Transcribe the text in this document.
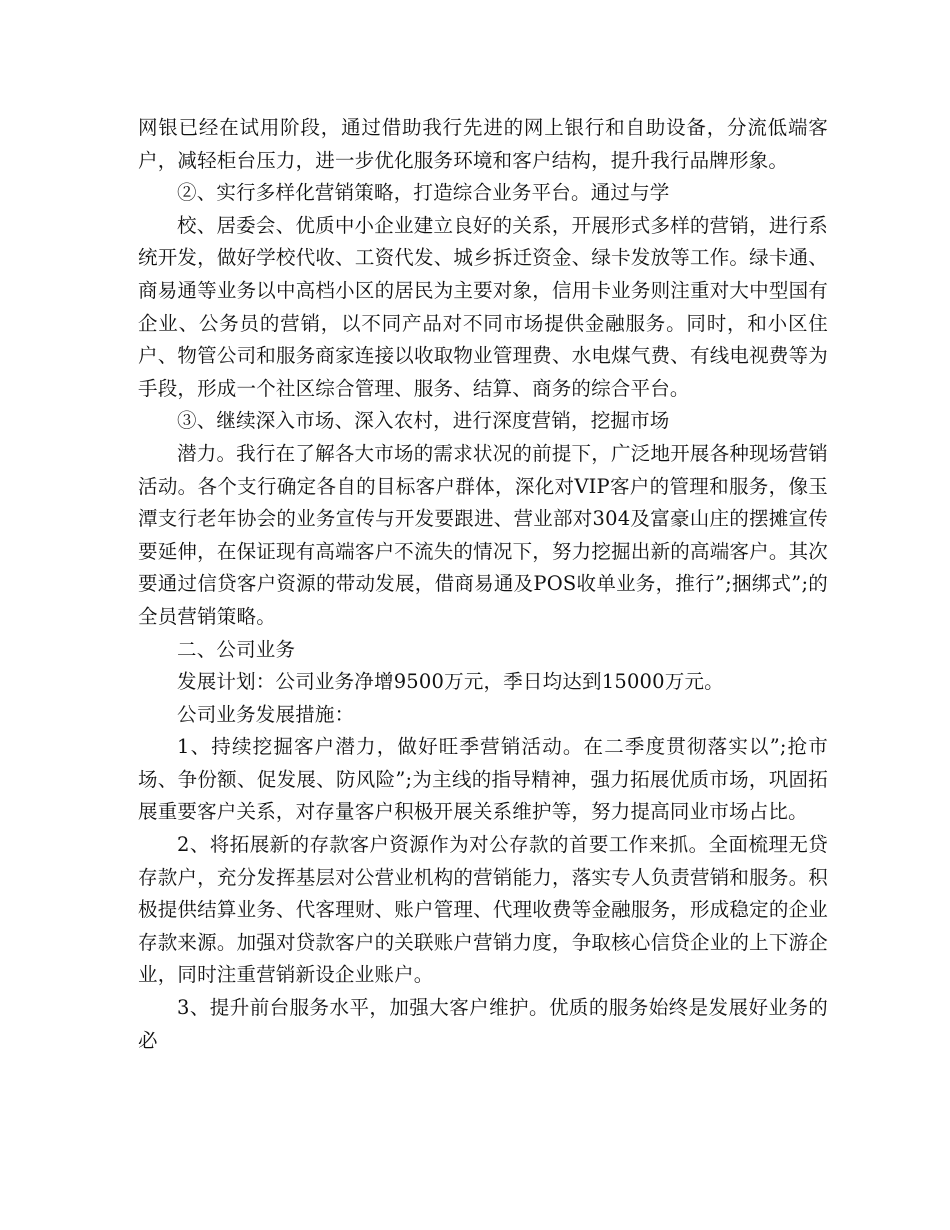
网银已经在试用阶段，通过借助我行先进的网上银行和自助设备，分流低端客户，减轻柜台压力，进一步优化服务环境和客户结构，提升我行品牌形象。

②、实行多样化营销策略，打造综合业务平台。通过与学

校、居委会、优质中小企业建立良好的关系，开展形式多样的营销，进行系统开发，做好学校代收、工资代发、城乡拆迁资金、绿卡发放等工作。绿卡通、商易通等业务以中高档小区的居民为主要对象，信用卡业务则注重对大中型国有企业、公务员的营销，以不同产品对不同市场提供金融服务。同时，和小区住户、物管公司和服务商家连接以收取物业管理费、水电煤气费、有线电视费等为手段，形成一个社区综合管理、服务、结算、商务的综合平台。

③、继续深入市场、深入农村，进行深度营销，挖掘市场

潜力。我行在了解各大市场的需求状况的前提下，广泛地开展各种现场营销活动。各个支行确定各自的目标客户群体，深化对VIP客户的管理和服务，像玉潭支行老年协会的业务宣传与开发要跟进、营业部对304及富豪山庄的摆摊宣传要延伸，在保证现有高端客户不流失的情况下，努力挖掘出新的高端客户。其次要通过信贷客户资源的带动发展，借商易通及POS收单业务，推行”;捆绑式”;的全员营销策略。

二、公司业务

发展计划：公司业务净增9500万元，季日均达到15000万元。

公司业务发展措施：

1、持续挖掘客户潜力，做好旺季营销活动。在二季度贯彻落实以”;抢市场、争份额、促发展、防风险”;为主线的指导精神，强力拓展优质市场，巩固拓展重要客户关系，对存量客户积极开展关系维护等，努力提高同业市场占比。

2、将拓展新的存款客户资源作为对公存款的首要工作来抓。全面梳理无贷存款户，充分发挥基层对公营业机构的营销能力，落实专人负责营销和服务。积极提供结算业务、代客理财、账户管理、代理收费等金融服务，形成稳定的企业存款来源。加强对贷款客户的关联账户营销力度，争取核心信贷企业的上下游企业，同时注重营销新设企业账户。

3、提升前台服务水平，加强大客户维护。优质的服务始终是发展好业务的必
